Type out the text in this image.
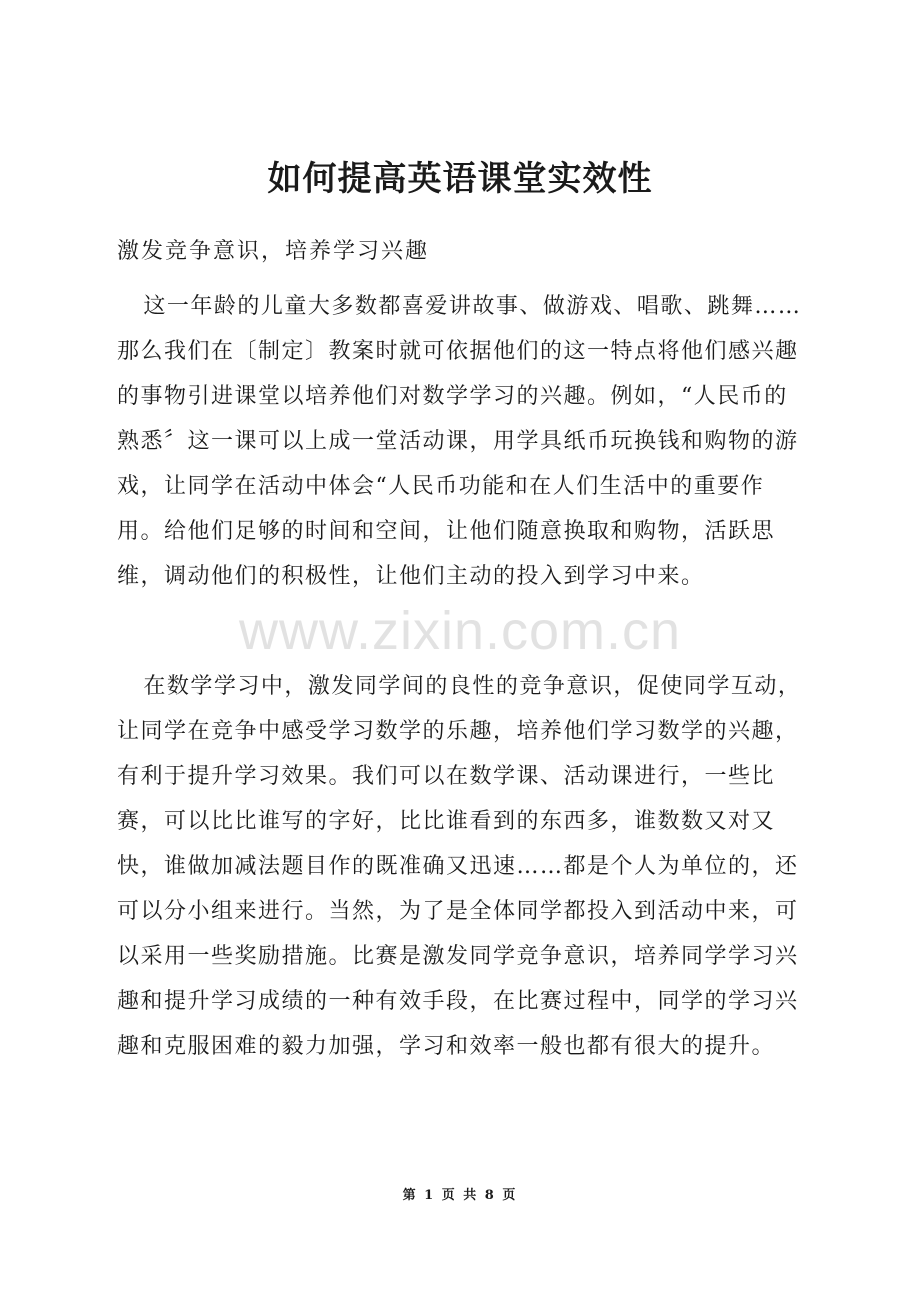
如何提高英语课堂实效性
激发竞争意识，培养学习兴趣

这一年龄的儿童大多数都喜爱讲故事、做游戏、唱歌、跳舞……那么我们在〔制定〕教案时就可依据他们的这一特点将他们感兴趣的事物引进课堂以培养他们对数学学习的兴趣。例如，“人民币的熟悉〞这一课可以上成一堂活动课，用学具纸币玩换钱和购物的游戏，让同学在活动中体会“人民币功能和在人们生活中的重要作用。给他们足够的时间和空间，让他们随意换取和购物，活跃思维，调动他们的积极性，让他们主动的投入到学习中来。

在数学学习中，激发同学间的良性的竞争意识，促使同学互动，让同学在竞争中感受学习数学的乐趣，培养他们学习数学的兴趣，有利于提升学习效果。我们可以在数学课、活动课进行，一些比赛，可以比比谁写的字好，比比谁看到的东西多，谁数数又对又快，谁做加减法题目作的既准确又迅速……都是个人为单位的，还可以分小组来进行。当然，为了是全体同学都投入到活动中来，可以采用一些奖励措施。比赛是激发同学竞争意识，培养同学学习兴趣和提升学习成绩的一种有效手段，在比赛过程中，同学的学习兴趣和克服困难的毅力加强，学习和效率一般也都有很大的提升。

www.zixin.com.cn
第 1 页 共 8 页
